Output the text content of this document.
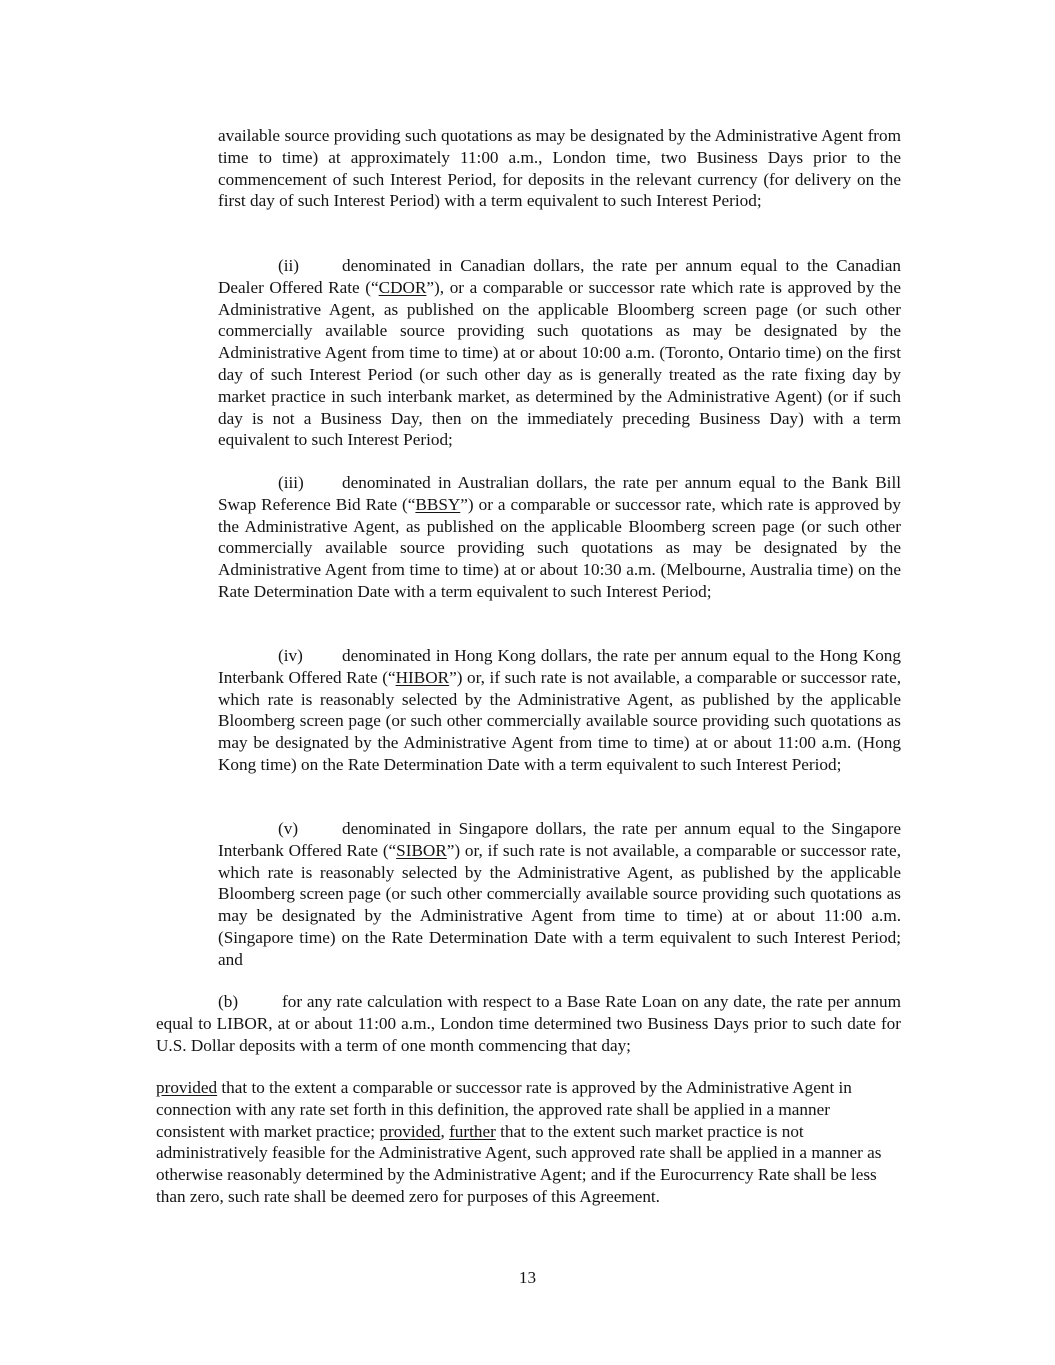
available source providing such quotations as may be designated by the Administrative Agent from time to time) at approximately 11:00 a.m., London time, two Business Days prior to the commencement of such Interest Period, for deposits in the relevant currency (for delivery on the first day of such Interest Period) with a term equivalent to such Interest Period;

(ii)	denominated in Canadian dollars, the rate per annum equal to the Canadian Dealer Offered Rate (“CDOR”), or a comparable or successor rate which rate is approved by the Administrative Agent, as published on the applicable Bloomberg screen page (or such other commercially available source providing such quotations as may be designated by the Administrative Agent from time to time) at or about 10:00 a.m. (Toronto, Ontario time) on the first day of such Interest Period (or such other day as is generally treated as the rate fixing day by market practice in such interbank market, as determined by the Administrative Agent) (or if such day is not a Business Day, then on the immediately preceding Business Day) with a term equivalent to such Interest Period;

(iii) denominated in Australian dollars, the rate per annum equal to the Bank Bill Swap Reference Bid Rate (“BBSY”) or a comparable or successor rate, which rate is approved by the Administrative Agent, as published on the applicable Bloomberg screen page (or such other commercially available source providing such quotations as may be designated by the Administrative Agent from time to time) at or about 10:30 a.m. (Melbourne, Australia time) on the Rate Determination Date with a term equivalent to such Interest Period;

(iv) denominated in Hong Kong dollars, the rate per annum equal to the Hong Kong Interbank Offered Rate (“HIBOR”) or, if such rate is not available, a comparable or successor rate, which rate is reasonably selected by the Administrative Agent, as published by the applicable Bloomberg screen page (or such other commercially available source providing such quotations as may be designated by the Administrative Agent from time to time) at or about 11:00 a.m. (Hong Kong time) on the Rate Determination Date with a term equivalent to such Interest Period;

(v)	denominated in Singapore dollars, the rate per annum equal to the Singapore Interbank Offered Rate (“SIBOR”) or, if such rate is not available, a comparable or successor rate, which rate is reasonably selected by the Administrative Agent, as published by the applicable Bloomberg screen page (or such other commercially available source providing such quotations as may be designated by the Administrative Agent from time to time) at or about 11:00 a.m. (Singapore time) on the Rate Determination Date with a term equivalent to such Interest Period; and

(b)	for any rate calculation with respect to a Base Rate Loan on any date, the rate per annum equal to LIBOR, at or about 11:00 a.m., London time determined two Business Days prior to such date for U.S. Dollar deposits with a term of one month commencing that day;

provided that to the extent a comparable or successor rate is approved by the Administrative Agent in connection with any rate set forth in this definition, the approved rate shall be applied in a manner consistent with market practice; provided, further that to the extent such market practice is not administratively feasible for the Administrative Agent, such approved rate shall be applied in a manner as otherwise reasonably determined by the Administrative Agent; and if the Eurocurrency Rate shall be less than zero, such rate shall be deemed zero for purposes of this Agreement.

13
